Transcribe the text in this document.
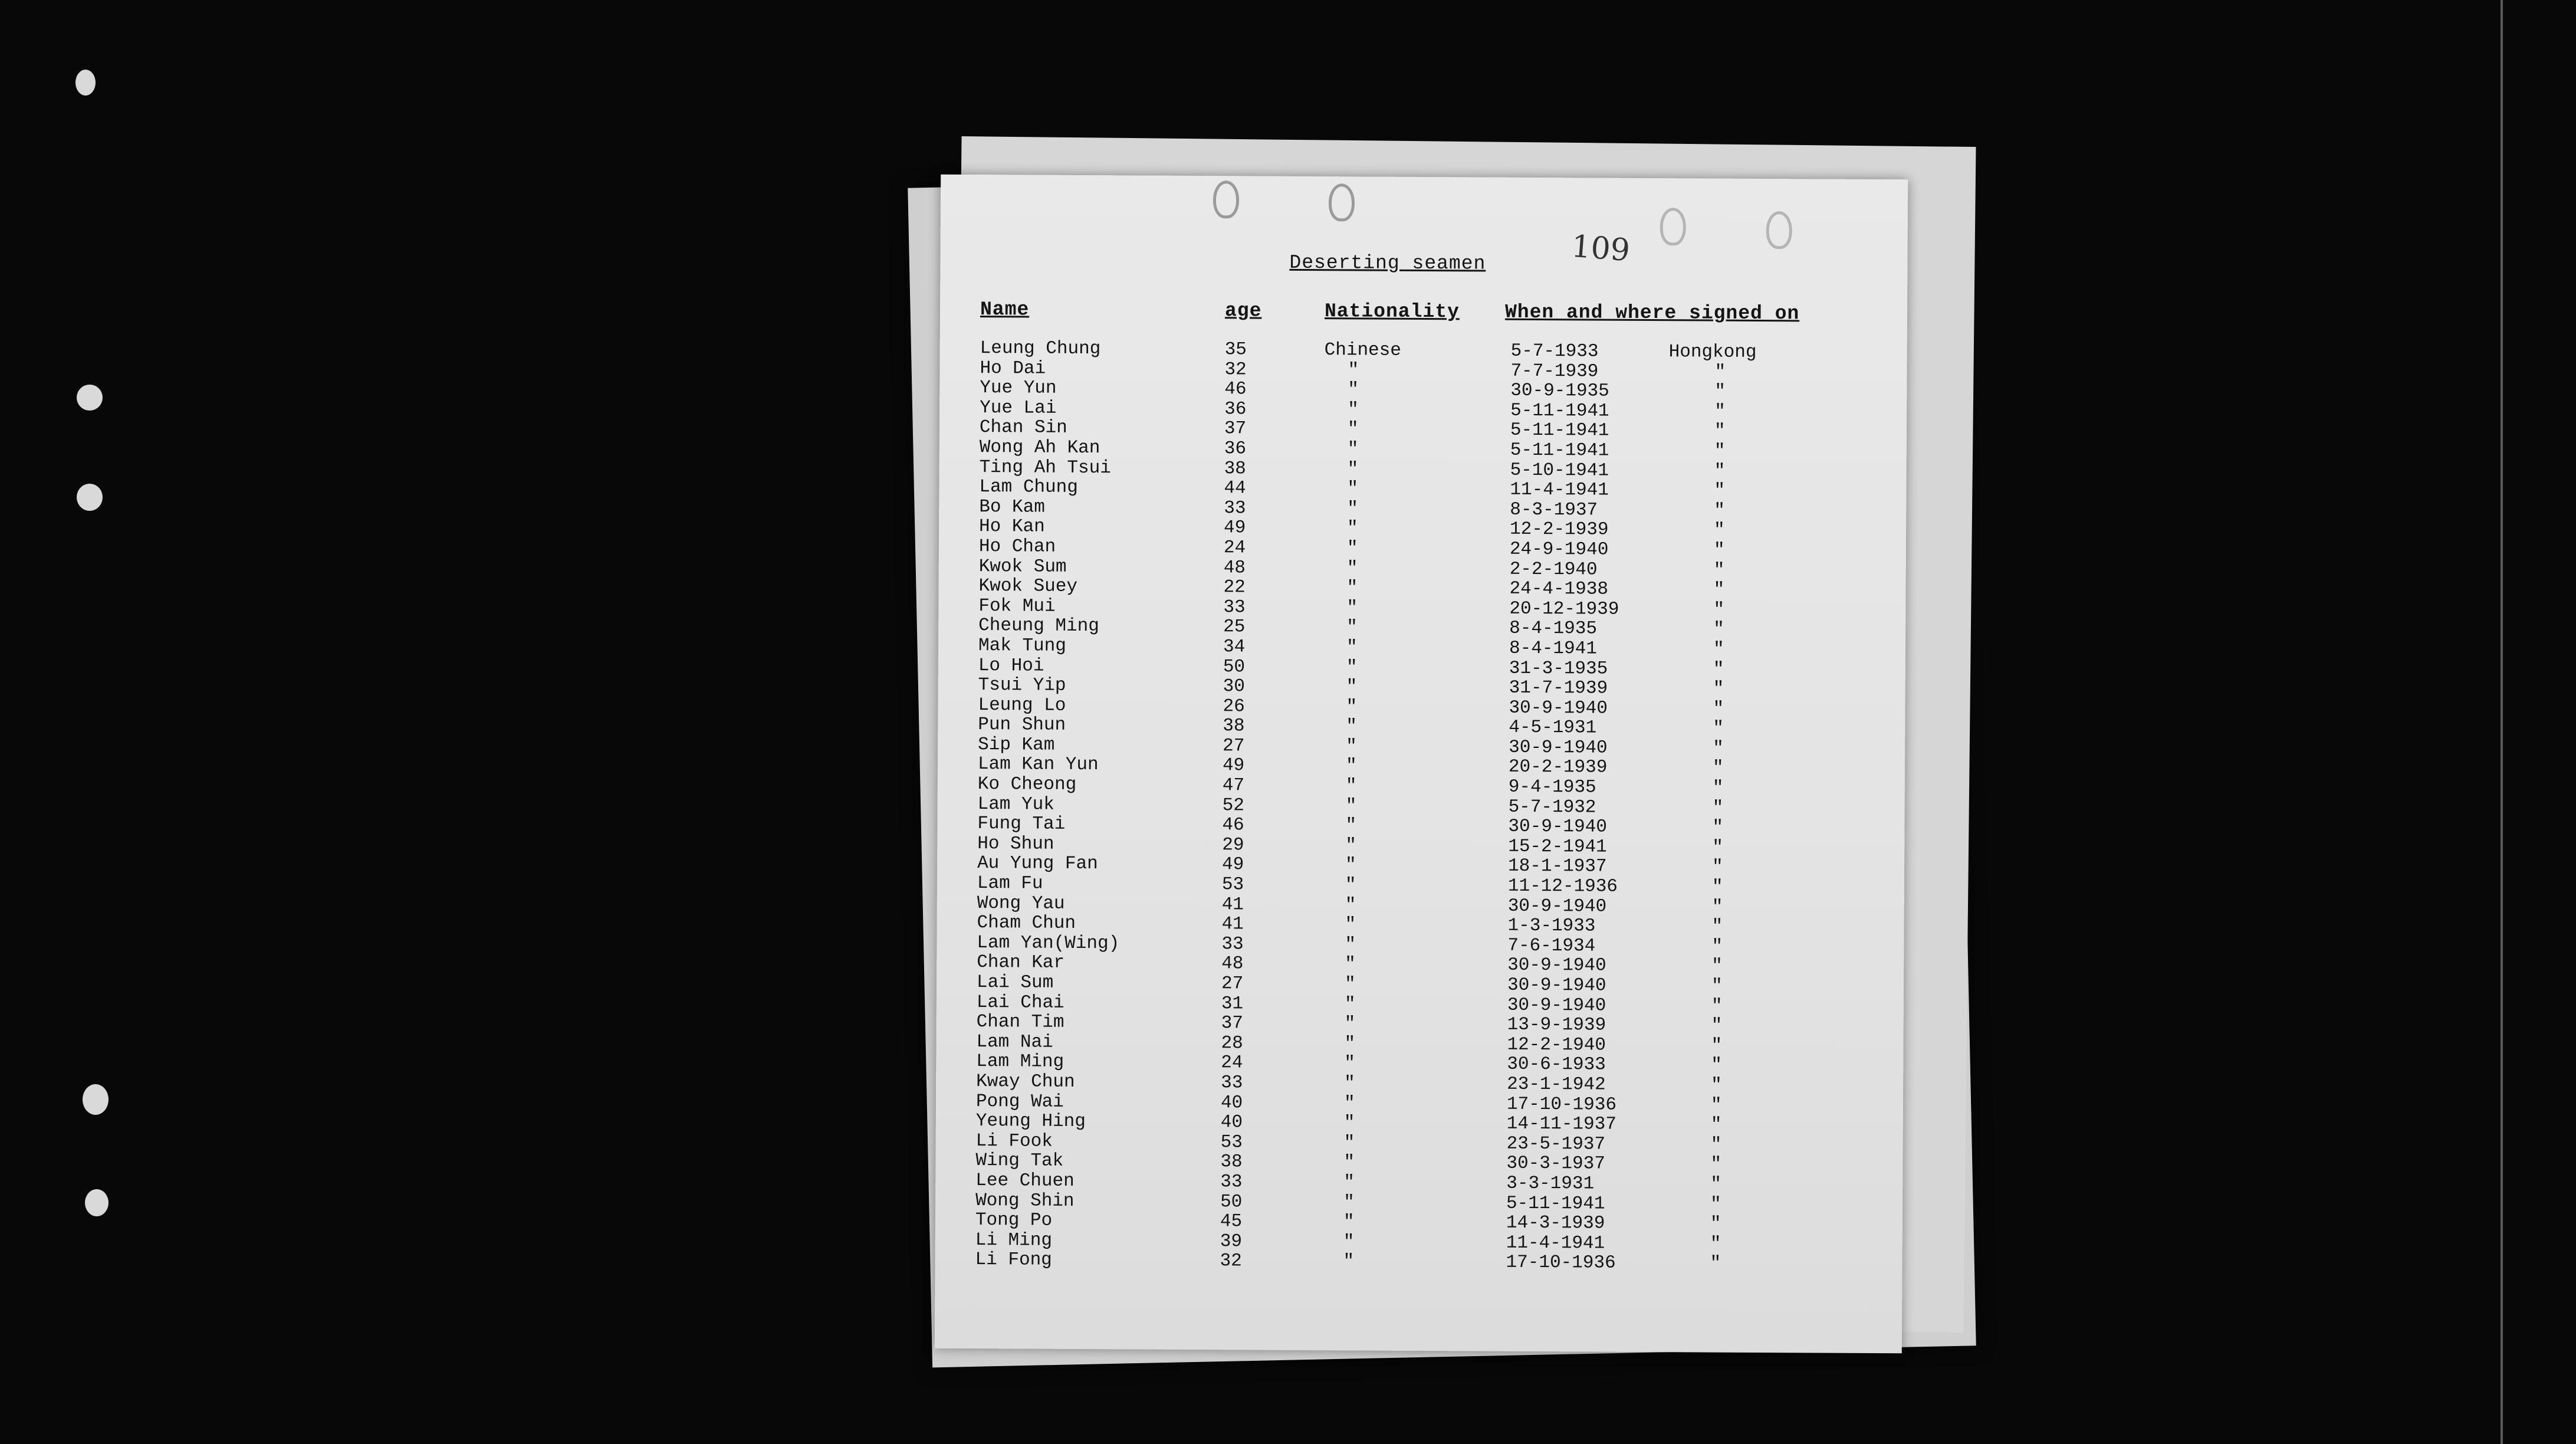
109
Deserting seamen
Name	age	Nationality When and where signed on
Leung Chung	35	Chinese	5-7-1933	Hongkong
Ho Dai	32	"	7-7-1939	"
Yue Yun	46	"	30-9-1935	"
Yue Lai	36	"	5-11-1941	"
Chan Sin	37	"	5-11-1941	"
Wong Ah Kan	36	"	5-11-1941	"
Ting Ah Tsui	38	"	5-10-1941	"
Lam Chung	44	"	11-4-1941	"
Bo Kam	33	"	8-3-1937	"
Ho Kan	49	"	12-2-1939	"
Ho Chan	24	"	24-9-1940	"
Kwok Sum	48	"	2-2-1940	"
Kwok Suey	22	"	24-4-1938	"
Fok Mui	33	"	20-12-1939	"
Cheung Ming	25	"	8-4-1935	"
Mak Tung	34	"	8-4-1941	"
Lo Hoi	50	"	31-3-1935	"
Tsui Yip	30	"	31-7-1939	"
Leung Lo	26	"	30-9-1940	"
Pun Shun	38	"	4-5-1931	"
Sip Kam	27	"	30-9-1940	"
Lam Kan Yun	49	"	20-2-1939	"
Ko Cheong	47	"	9-4-1935	"
Lam Yuk	52	"	5-7-1932	"
Fung Tai	46	"	30-9-1940	"
Ho Shun	29	"	15-2-1941	"
Au Yung Fan	49	"	18-1-1937	"
Lam Fu	53	"	11-12-1936	"
Wong Yau	41	"	30-9-1940	"
Cham Chun	41	"	1-3-1933	"
Lam Yan(Wing)	33	"	7-6-1934	"
Chan Kar	48	"	30-9-1940	"
Lai Sum	27	"	30-9-1940	"
Lai Chai	31	"	30-9-1940	"
Chan Tim	37	"	13-9-1939	"
Lam Nai	28	"	12-2-1940	"
Lam Ming	24	"	30-6-1933	"
Kway Chun	33	"	23-1-1942	"
Pong Wai	40	"	17-10-1936	"
Yeung Hing	40	"	14-11-1937	"
Li Fook	53	"	23-5-1937	"
Wing Tak	38	"	30-3-1937	"
Lee Chuen	33	"	3-3-1931	"
Wong Shin	50	"	5-11-1941	"
Tong Po	45	"	14-3-1939	"
Li Ming	39	"	11-4-1941	"
Li Fong	32	"	17-10-1936	"
